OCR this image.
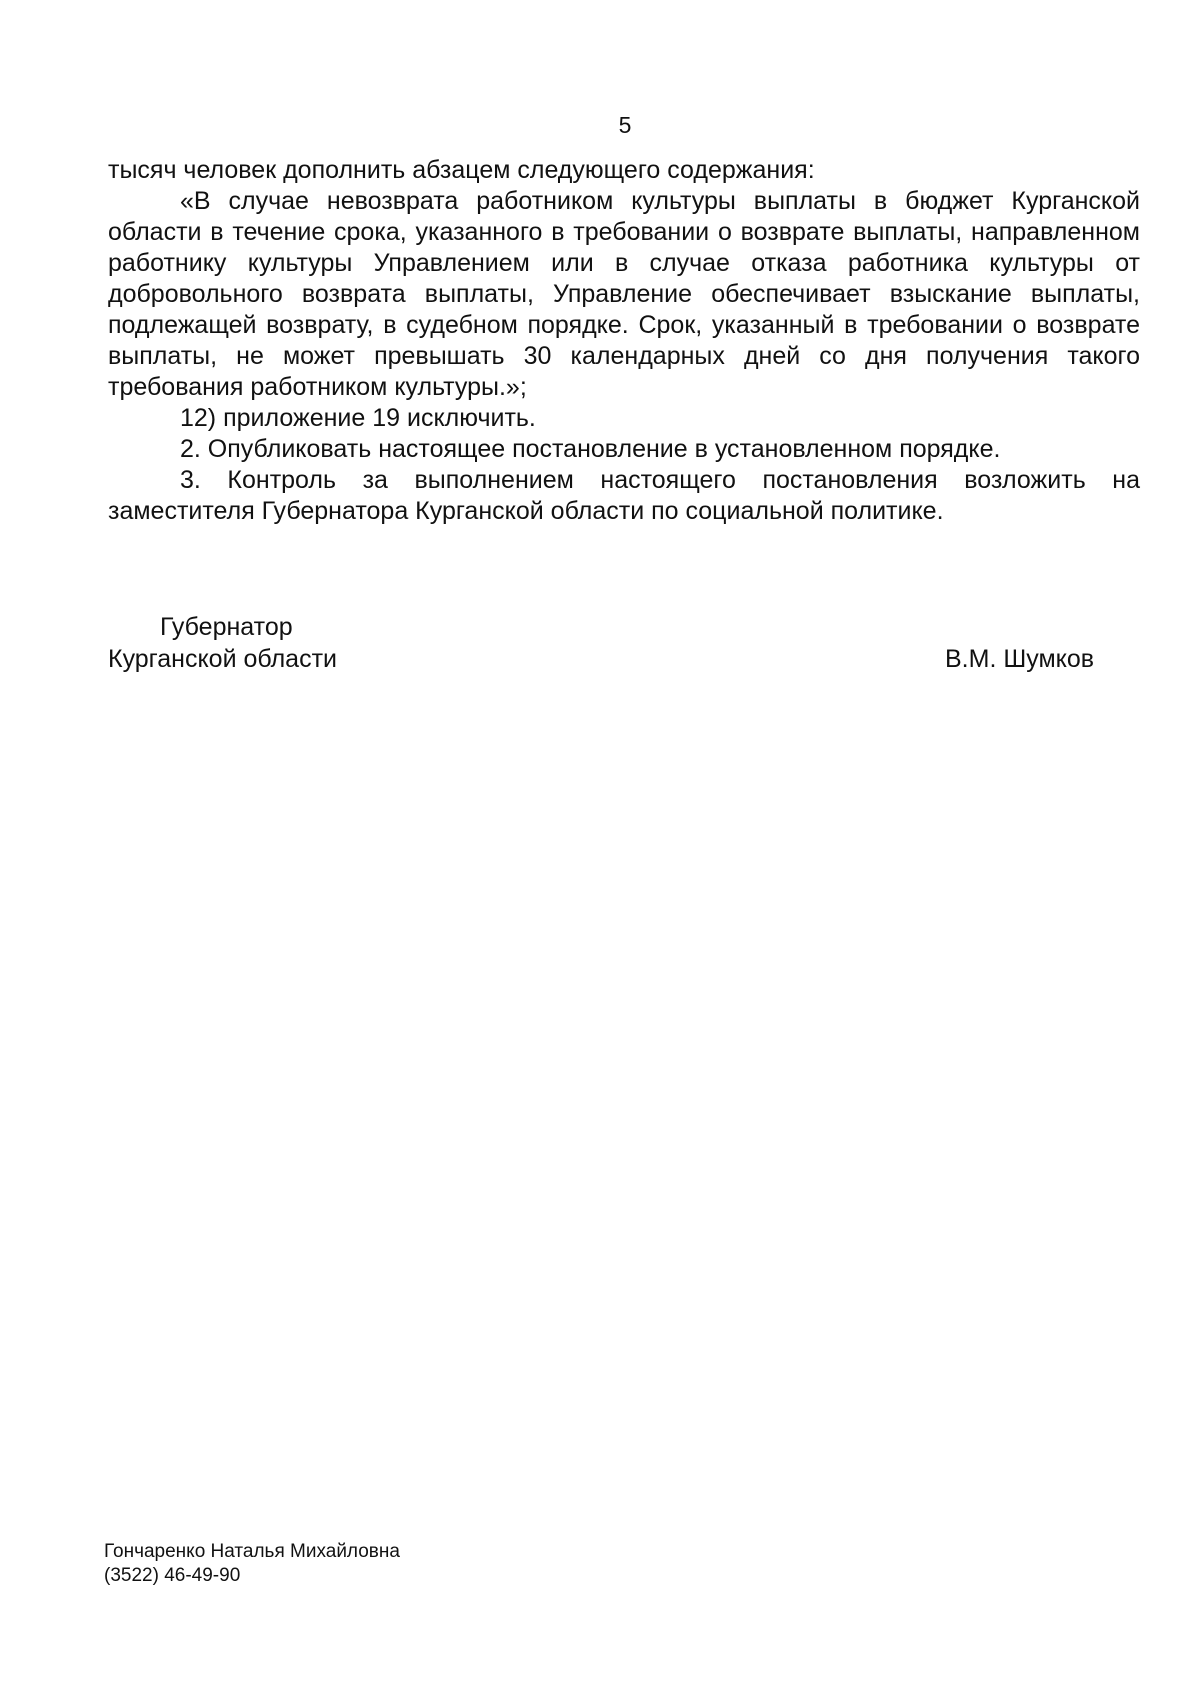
5

тысяч человек дополнить абзацем следующего содержания:

«В случае невозврата работником культуры выплаты в бюджет Курганской области в течение срока, указанного в требовании о возврате выплаты, направленном работнику культуры Управлением или в случае отказа работника культуры от добровольного возврата выплаты, Управление обеспечивает взыскание выплаты, подлежащей возврату, в судебном порядке. Срок, указанный в требовании о возврате выплаты, не может превышать 30 календарных дней со дня получения такого требования работником культуры.»;

12) приложение 19 исключить.

2. Опубликовать настоящее постановление в установленном порядке.

3. Контроль за выполнением настоящего постановления возложить на заместителя Губернатора Курганской области по социальной политике.

Губернатор
Курганской области	В.М. Шумков
Гончаренко Наталья Михайловна
(3522) 46-49-90
